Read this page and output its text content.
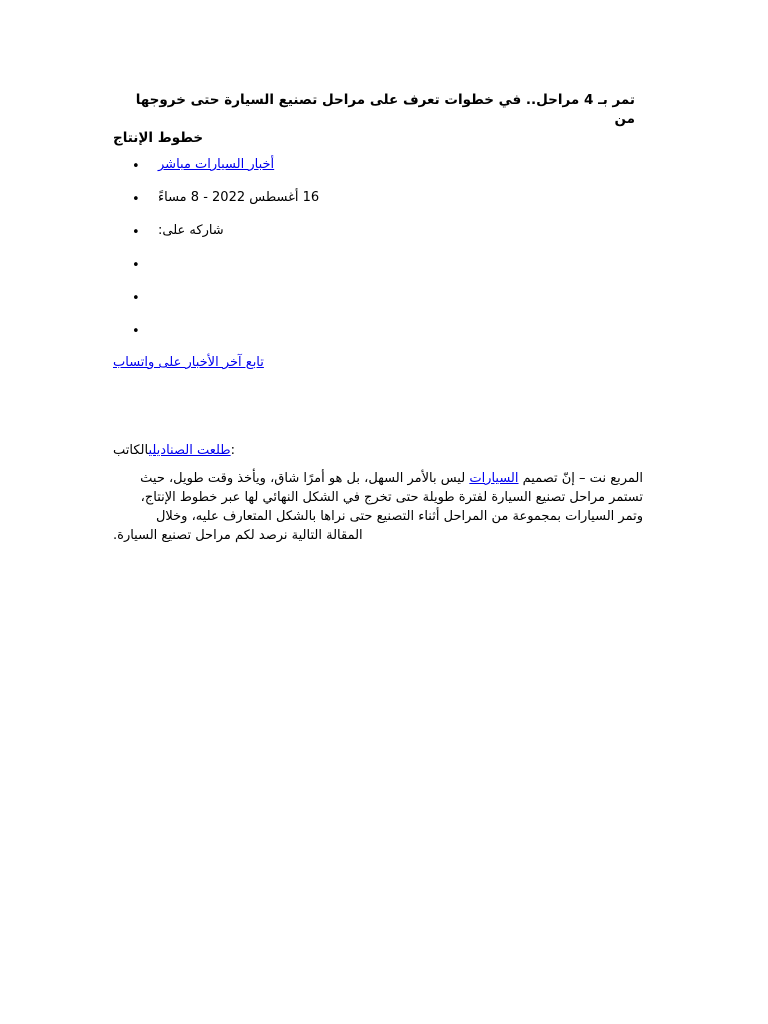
تمر بـ 4 مراحل.. في خطوات تعرف على مراحل تصنيع السيارة حتى خروجها من
خطوط الإنتاج
• أخبار السيارات مباشر
• 16 أغسطس 2022 - 8 مساءً
• شاركه على:
•
•
•
تابع آخر الأخبار على واتساب
طلعت الصناديليالكاتب:
المربع نت – إنّ تصميم السيارات ليس بالأمر السهل، بل هو أمرًا شاق، ويأخذ وقت طويل، حيث
تستمر مراحل تصنيع السيارة لفترة طويلة حتى تخرج في الشكل النهائي لها عبر خطوط الإنتاج،
وتمر السيارات بمجموعة من المراحل أثناء التصنيع حتى نراها بالشكل المتعارف عليه، وخلال
المقالة التالية نرصد لكم مراحل تصنيع السيارة.
